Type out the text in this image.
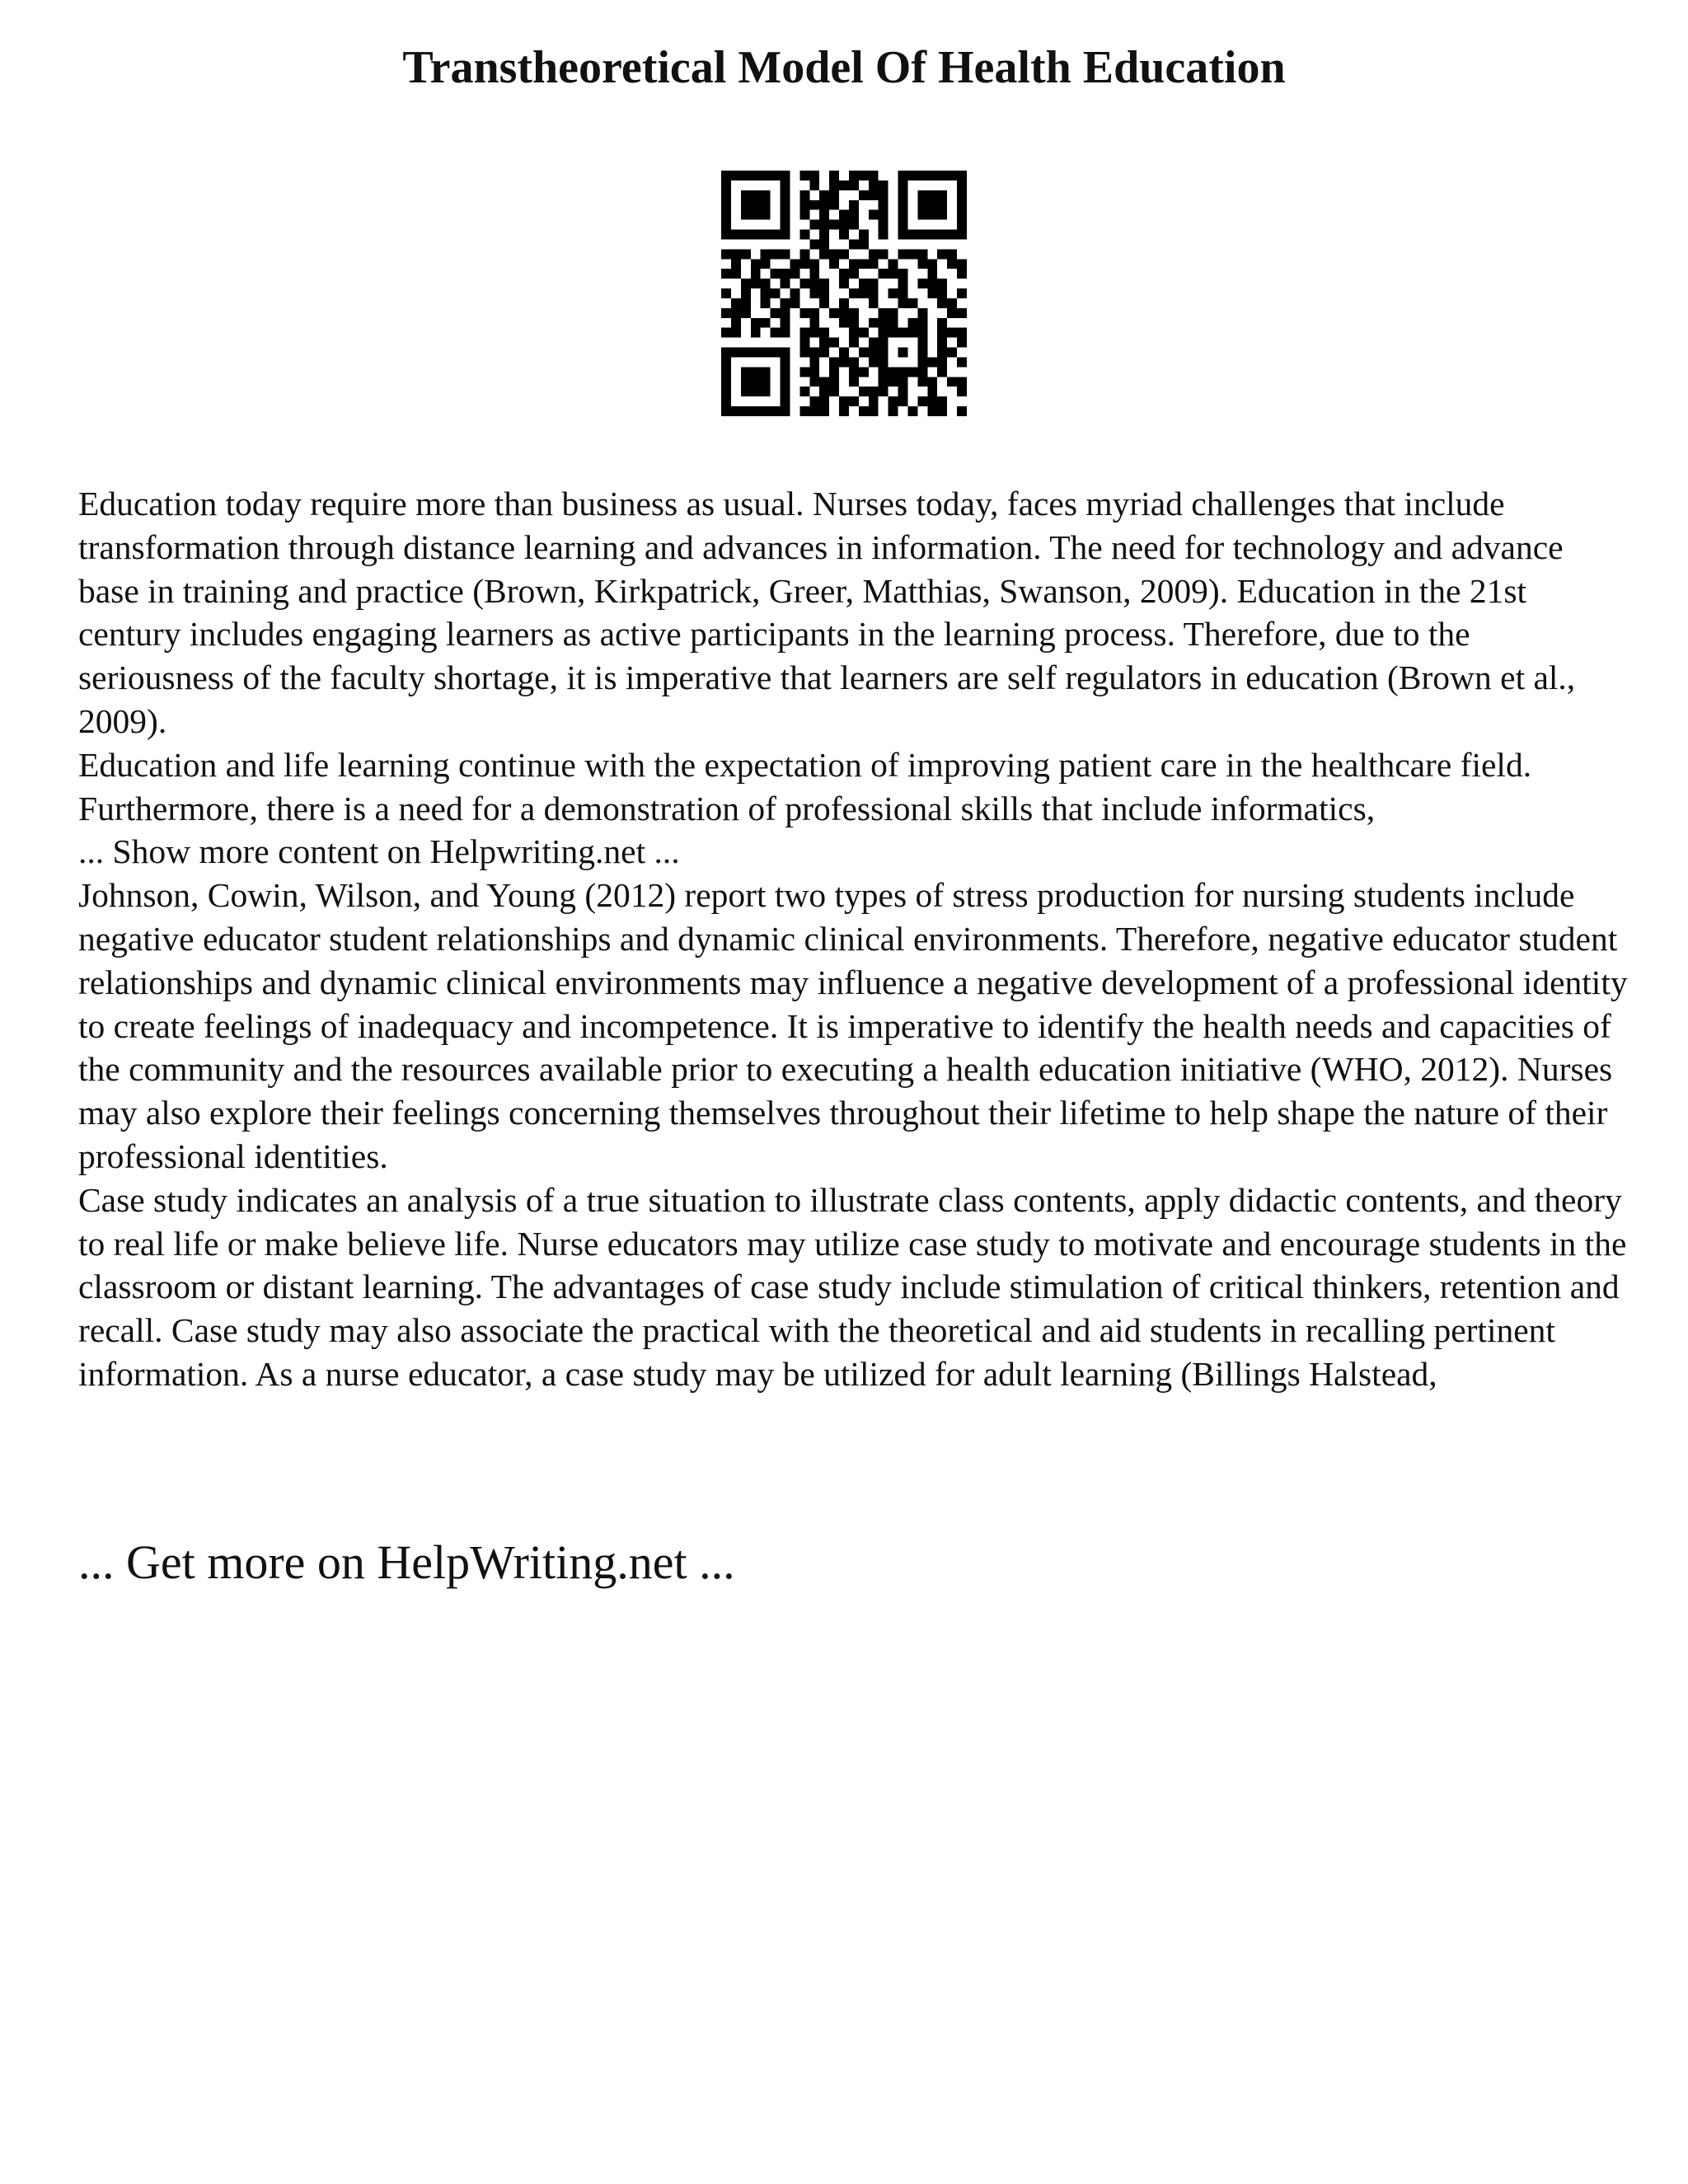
Transtheoretical Model Of Health Education

Education today require more than business as usual. Nurses today, faces myriad challenges that include transformation through distance learning and advances in information. The need for technology and advance base in training and practice (Brown, Kirkpatrick, Greer, Matthias, Swanson, 2009). Education in the 21st century includes engaging learners as active participants in the learning process. Therefore, due to the seriousness of the faculty shortage, it is imperative that learners are self regulators in education (Brown et al., 2009).

Education and life learning continue with the expectation of improving patient care in the healthcare field. Furthermore, there is a need for a demonstration of professional skills that include informatics,

... Show more content on Helpwriting.net ...

Johnson, Cowin, Wilson, and Young (2012) report two types of stress production for nursing students include negative educator student relationships and dynamic clinical environments. Therefore, negative educator student relationships and dynamic clinical environments may influence a negative development of a professional identity to create feelings of inadequacy and incompetence. It is imperative to identify the health needs and capacities of the community and the resources available prior to executing a health education initiative (WHO, 2012). Nurses may also explore their feelings concerning themselves throughout their lifetime to help shape the nature of their professional identities.

Case study indicates an analysis of a true situation to illustrate class contents, apply didactic contents, and theory to real life or make believe life. Nurse educators may utilize case study to motivate and encourage students in the classroom or distant learning. The advantages of case study include stimulation of critical thinkers, retention and recall. Case study may also associate the practical with the theoretical and aid students in recalling pertinent information. As a nurse educator, a case study may be utilized for adult learning (Billings Halstead,

... Get more on HelpWriting.net ...
